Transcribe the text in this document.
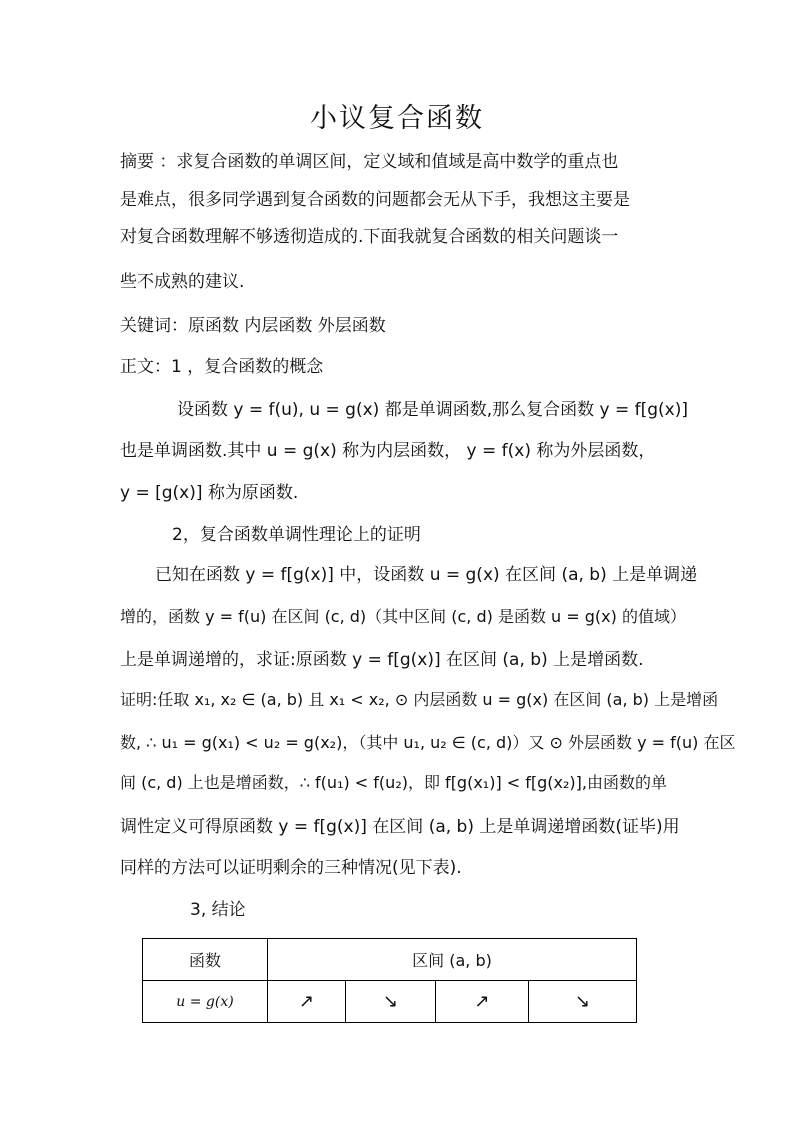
小议复合函数
摘要 ：求复合函数的单调区间，定义域和值域是高中数学的重点也
是难点，很多同学遇到复合函数的问题都会无从下手，我想这主要是
对复合函数理解不够透彻造成的.下面我就复合函数的相关问题谈一
些不成熟的建议.
关键词：原函数 内层函数 外层函数
正文：1 ，复合函数的概念
设函数 y = f(u), u = g(x) 都是单调函数,那么复合函数 y = f[g(x)]
也是单调函数.其中 u = g(x) 称为内层函数， y = f(x) 称为外层函数，
y = [g(x)] 称为原函数.
2，复合函数单调性理论上的证明
已知在函数 y = f[g(x)] 中，设函数 u = g(x) 在区间 (a, b) 上是单调递
增的，函数 y = f(u) 在区间 (c, d)（其中区间 (c, d) 是函数 u = g(x) 的值域）
上是单调递增的，求证:原函数 y = f[g(x)] 在区间 (a, b) 上是增函数.
证明:任取 x₁, x₂ ∈ (a, b) 且 x₁ < x₂, ⊙ 内层函数 u = g(x) 在区间 (a, b) 上是增函
数, ∴ u₁ = g(x₁) < u₂ = g(x₂)，（其中 u₁, u₂ ∈ (c, d)）又 ⊙ 外层函数 y = f(u) 在区
间 (c, d) 上也是增函数，∴ f(u₁) < f(u₂)，即 f[g(x₁)] < f[g(x₂)],由函数的单
调性定义可得原函数 y = f[g(x)] 在区间 (a, b) 上是单调递增函数(证毕)用
同样的方法可以证明剩余的三种情况(见下表).
3, 结论
函数	区间 (a, b)			
u = g(x)	↗	↘	↗	↘
